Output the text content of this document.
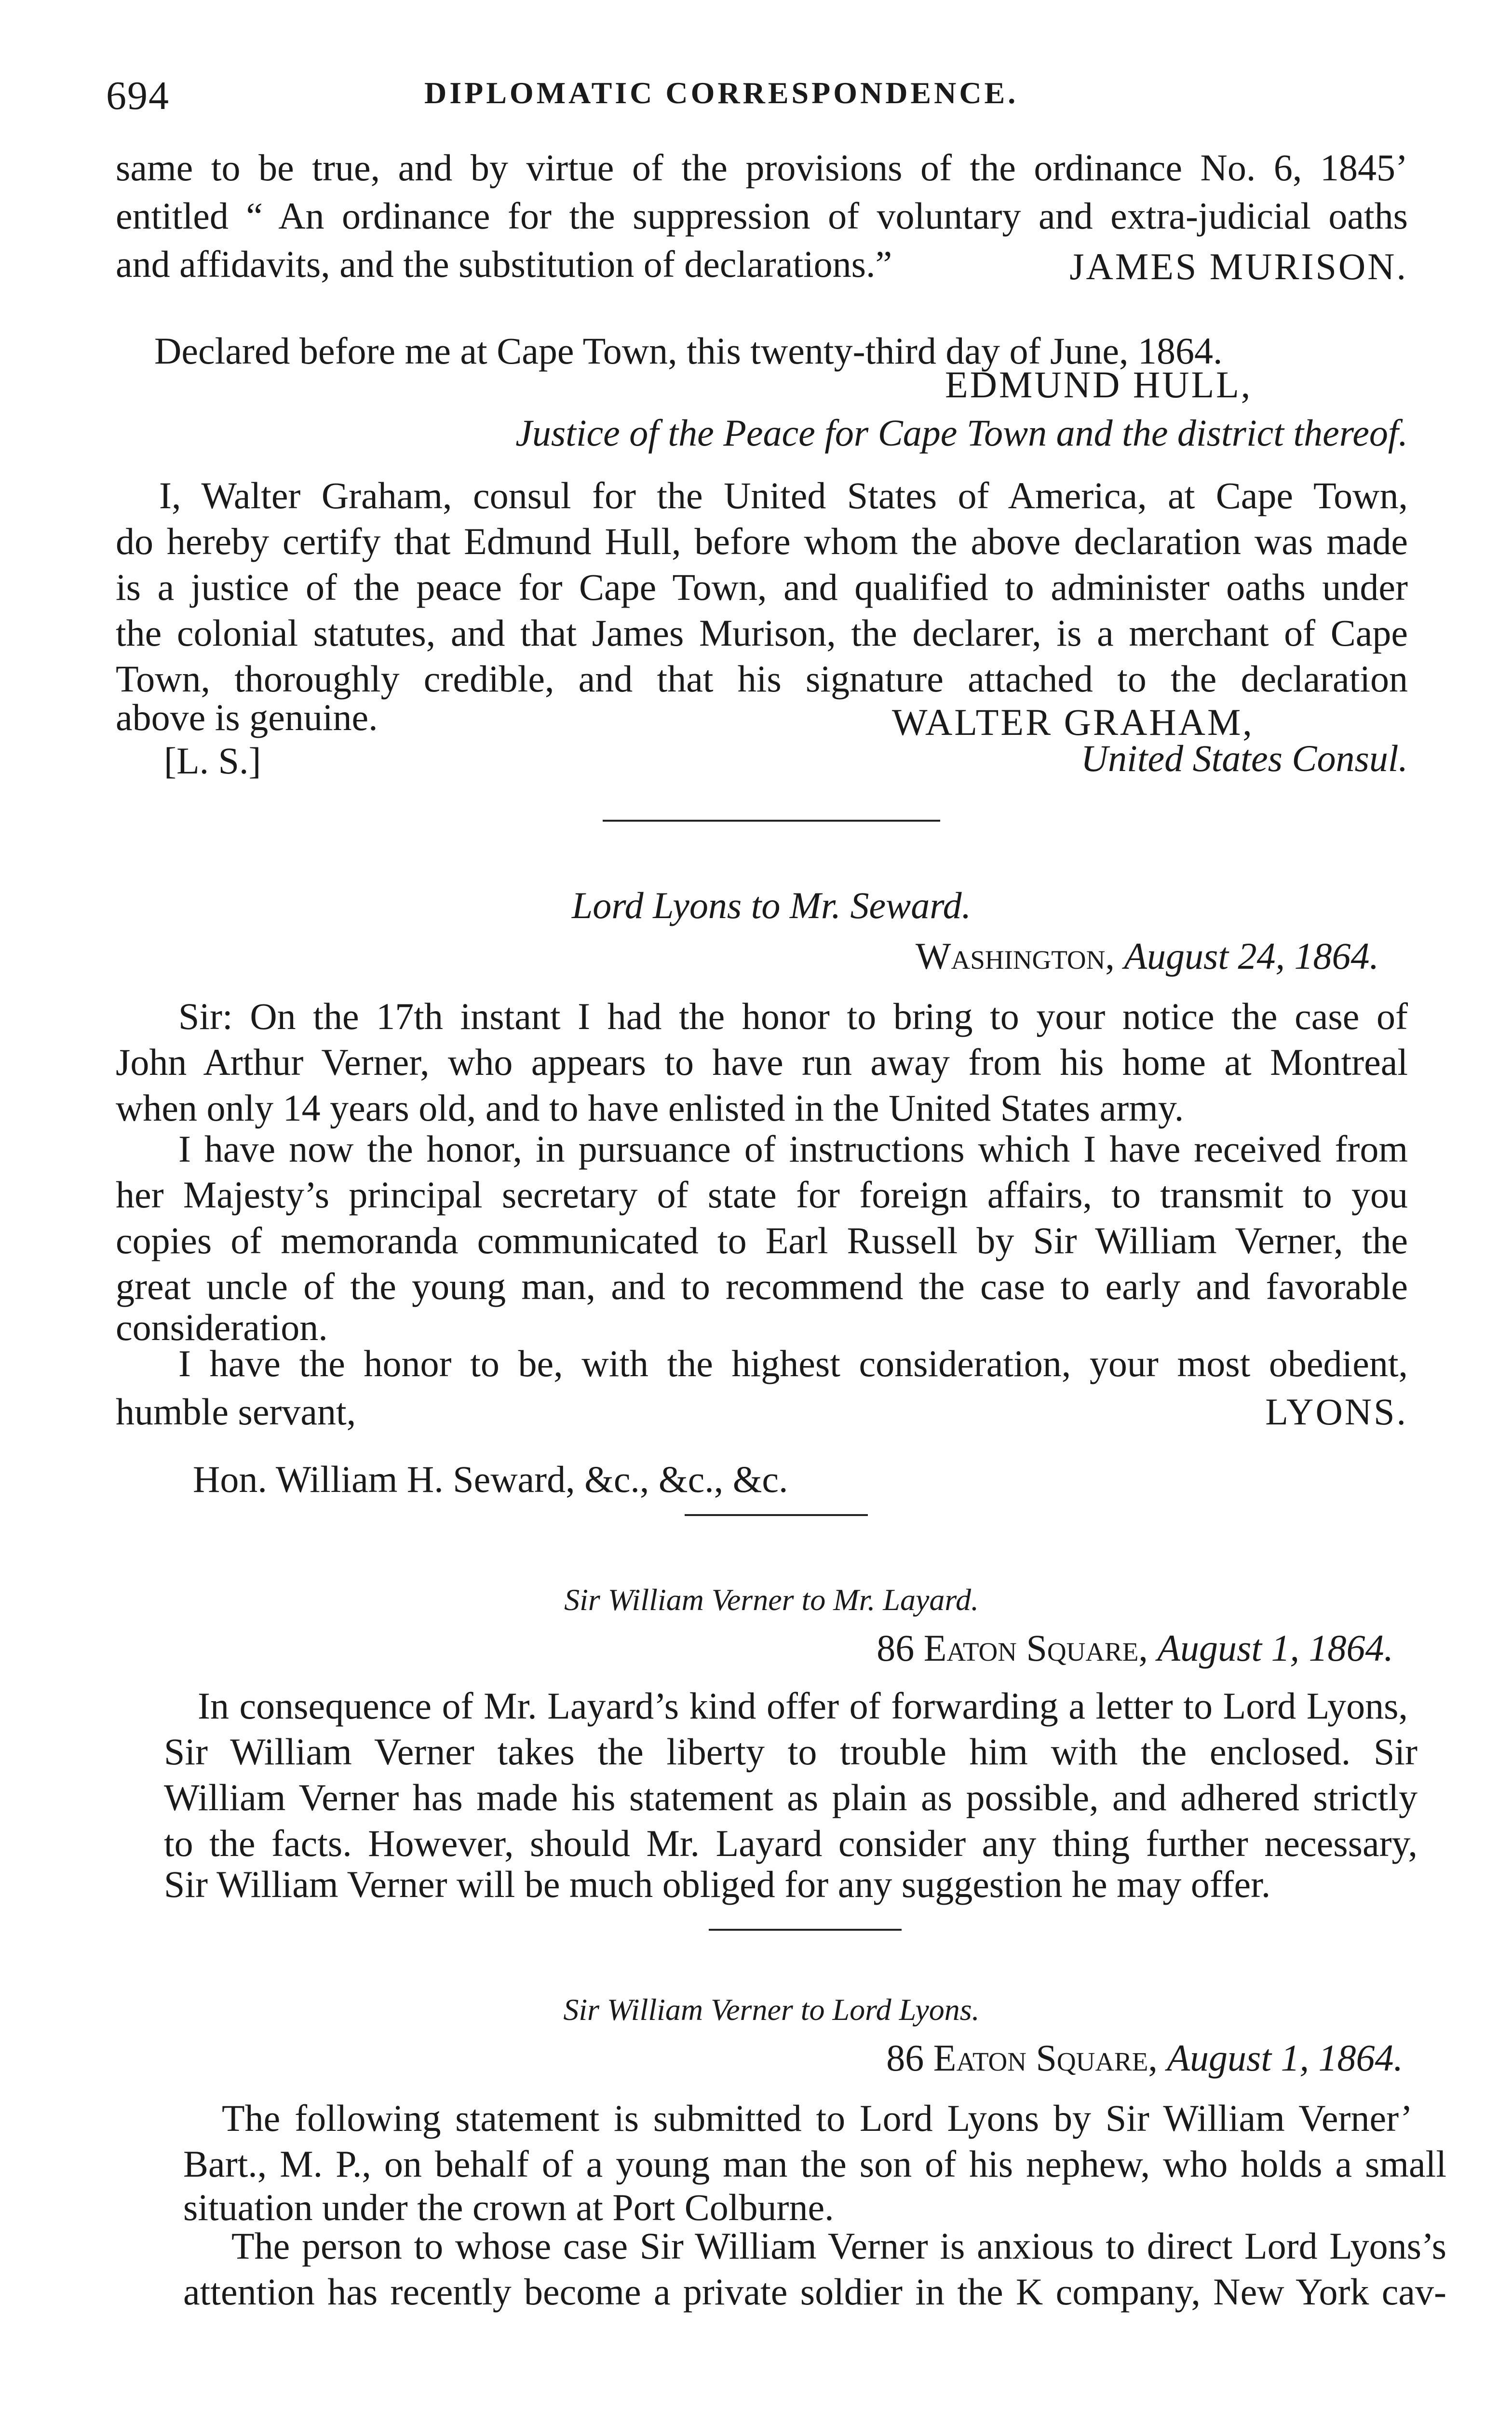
694	DIPLOMATIC CORRESPONDENCE.
same to be true, and by virtue of the provisions of the ordinance No. 6, 1845’
entitled “ An ordinance for the suppression of voluntary and extra-judicial oaths
and affidavits, and the substitution of declarations.”	JAMES MURISON.
Declared before me at Cape Town, this twenty-third day of June, 1864.
EDMUND HULL,
Justice of the Peace for Cape Town and the district thereof.
I, Walter Graham, consul for the United States of America, at Cape Town,
do hereby certify that Edmund Hull, before whom the above declaration was made
is a justice of the peace for Cape Town, and qualified to administer oaths under
the colonial statutes, and that James Murison, the declarer, is a merchant of Cape
Town, thoroughly credible, and that his signature attached to the declaration
above is genuine.	WALTER GRAHAM,
[L. S.]	United States Consul.
Lord Lyons to Mr. Seward.
Washington, August 24, 1864.
Sir: On the 17th instant I had the honor to bring to your notice the case of
John Arthur Verner, who appears to have run away from his home at Montreal
when only 14 years old, and to have enlisted in the United States army.
I have now the honor, in pursuance of instructions which I have received from
her Majesty’s principal secretary of state for foreign affairs, to transmit to you
copies of memoranda communicated to Earl Russell by Sir William Verner, the
great uncle of the young man, and to recommend the case to early and favorable
consideration.
I have the honor to be, with the highest consideration, your most obedient,
humble servant,	LYONS.
Hon. William H. Seward, &c., &c., &c.
Sir William Verner to Mr. Layard.
86 Eaton Square, August 1, 1864.
In consequence of Mr. Layard’s kind offer of forwarding a letter to Lord Lyons,
Sir William Verner takes the liberty to trouble him with the enclosed. Sir
William Verner has made his statement as plain as possible, and adhered strictly
to the facts. However, should Mr. Layard consider any thing further necessary,
Sir William Verner will be much obliged for any suggestion he may offer.
Sir William Verner to Lord Lyons.
86 Eaton Square, August 1, 1864.
The following statement is submitted to Lord Lyons by Sir William Verner’
Bart., M. P., on behalf of a young man the son of his nephew, who holds a small
situation under the crown at Port Colburne.
The person to whose case Sir William Verner is anxious to direct Lord Lyons’s
attention has recently become a private soldier in the K company, New York cav-
